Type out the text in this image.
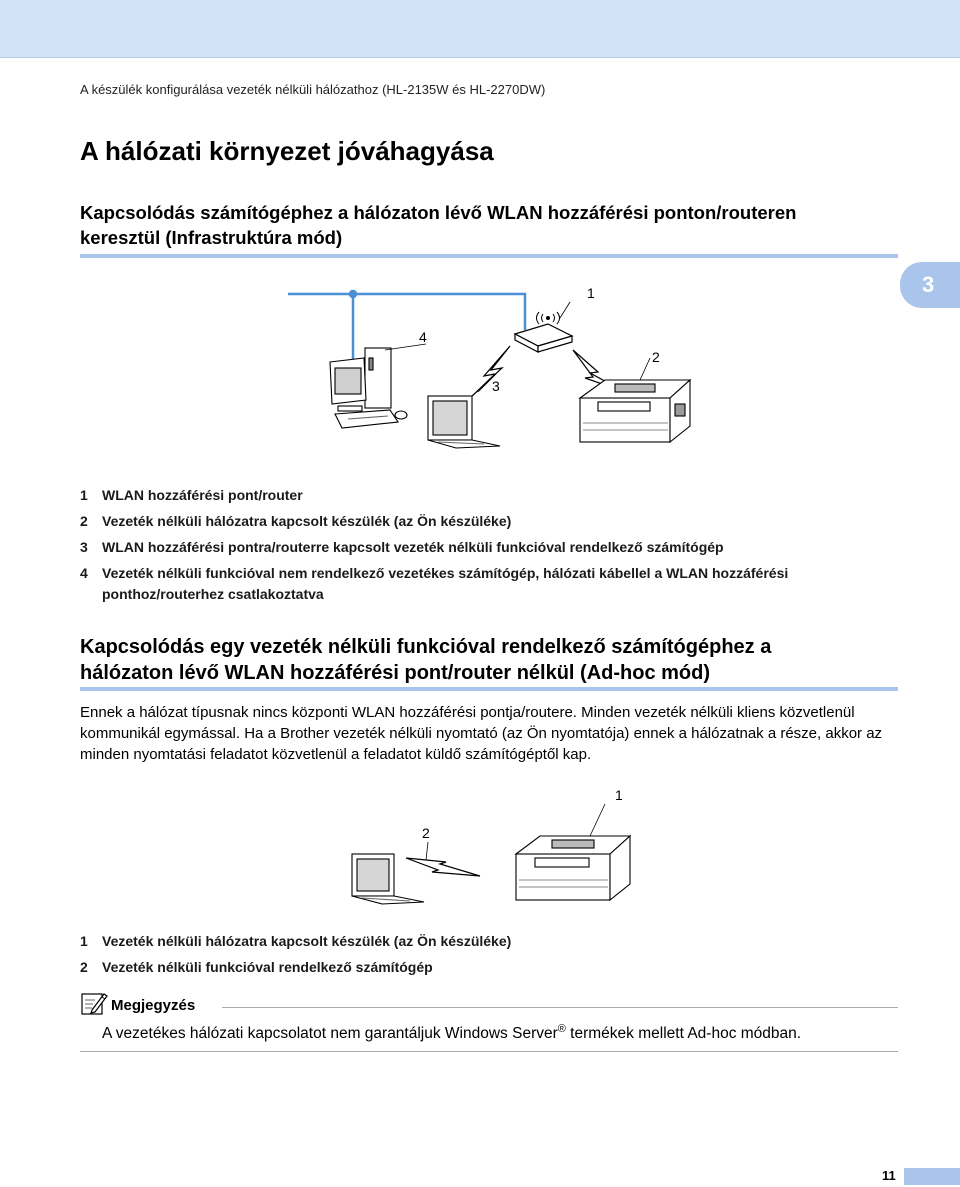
A készülék konfigurálása vezeték nélküli hálózathoz (HL-2135W és HL-2270DW)
A hálózati környezet jóváhagyása
3
Kapcsolódás számítógéphez a hálózaton lévő WLAN hozzáférési ponton/routeren keresztül (Infrastruktúra mód)
1
2
3
4
1	WLAN hozzáférési pont/router
2	Vezeték nélküli hálózatra kapcsolt készülék (az Ön készüléke)
3	WLAN hozzáférési pontra/routerre kapcsolt vezeték nélküli funkcióval rendelkező számítógép
4	Vezeték nélküli funkcióval nem rendelkező vezetékes számítógép, hálózati kábellel a WLAN hozzáférési ponthoz/routerhez csatlakoztatva
Kapcsolódás egy vezeték nélküli funkcióval rendelkező számítógéphez a hálózaton lévő WLAN hozzáférési pont/router nélkül (Ad-hoc mód)
Ennek a hálózat típusnak nincs központi WLAN hozzáférési pontja/routere. Minden vezeték nélküli kliens közvetlenül kommunikál egymással. Ha a Brother vezeték nélküli nyomtató (az Ön nyomtatója) ennek a hálózatnak a része, akkor az minden nyomtatási feladatot közvetlenül a feladatot küldő számítógéptől kap.
1
2
1	Vezeték nélküli hálózatra kapcsolt készülék (az Ön készüléke)
2	Vezeték nélküli funkcióval rendelkező számítógép
Megjegyzés
A vezetékes hálózati kapcsolatot nem garantáljuk Windows Server® termékek mellett Ad-hoc módban.
11
